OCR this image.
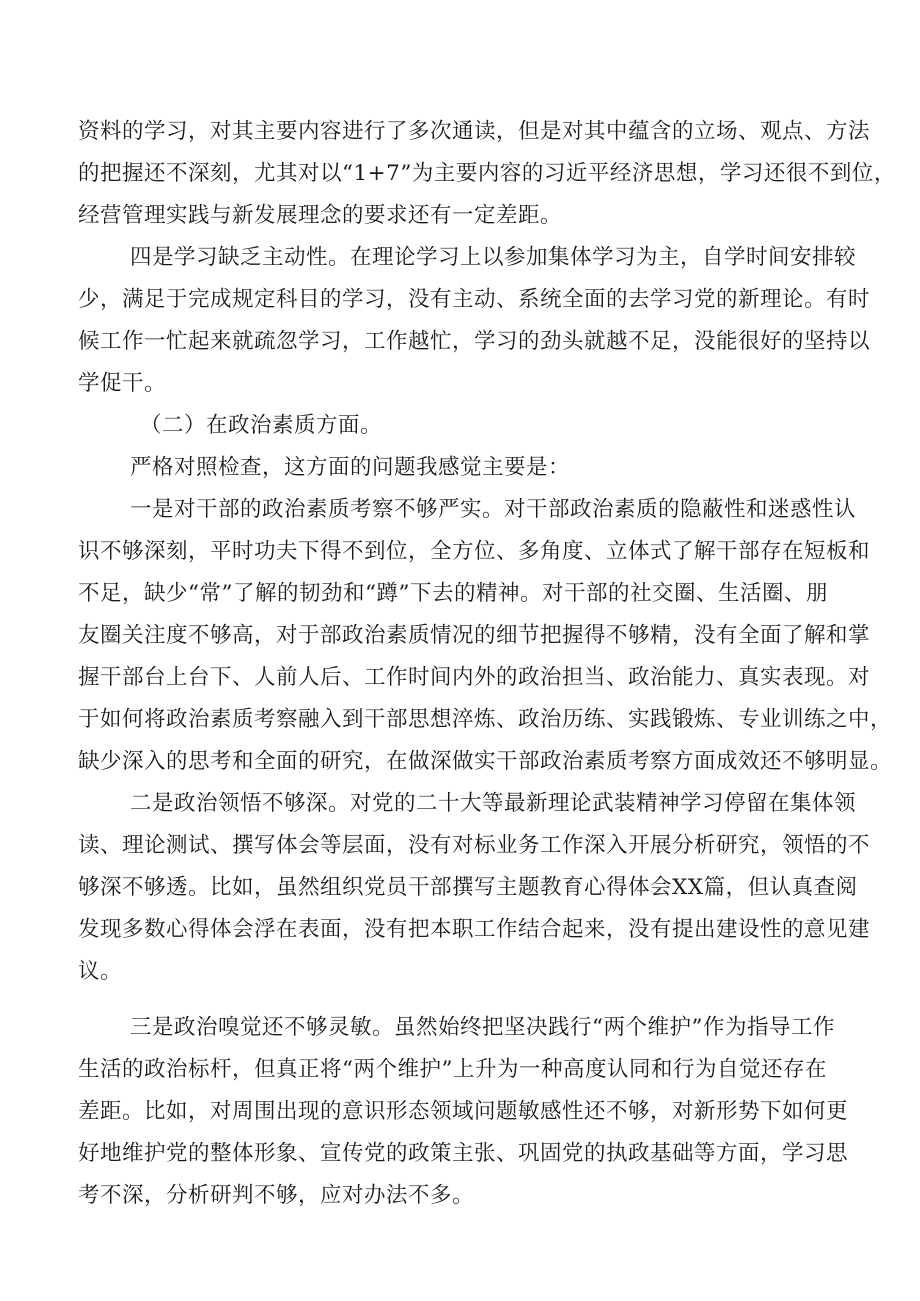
资料的学习，对其主要内容进行了多次通读，但是对其中蕴含的立场、观点、方法
的把握还不深刻，尤其对以“1+7”为主要内容的习近平经济思想，学习还很不到位，
经营管理实践与新发展理念的要求还有一定差距。
四是学习缺乏主动性。在理论学习上以参加集体学习为主，自学时间安排较
少，满足于完成规定科目的学习，没有主动、系统全面的去学习党的新理论。有时
候工作一忙起来就疏忽学习，工作越忙，学习的劲头就越不足，没能很好的坚持以
学促干。
（二）在政治素质方面。
严格对照检查，这方面的问题我感觉主要是：
一是对干部的政治素质考察不够严实。对干部政治素质的隐蔽性和迷惑性认
识不够深刻，平时功夫下得不到位，全方位、多角度、立体式了解干部存在短板和
不足，缺少“常”了解的韧劲和“蹲”下去的精神。对干部的社交圈、生活圈、朋
友圈关注度不够高，对于部政治素质情况的细节把握得不够精，没有全面了解和掌
握干部台上台下、人前人后、工作时间内外的政治担当、政治能力、真实表现。对
于如何将政治素质考察融入到干部思想淬炼、政治历练、实践锻炼、专业训练之中，
缺少深入的思考和全面的研究，在做深做实干部政治素质考察方面成效还不够明显。
二是政治领悟不够深。对党的二十大等最新理论武装精神学习停留在集体领
读、理论测试、撰写体会等层面，没有对标业务工作深入开展分析研究，领悟的不
够深不够透。比如，虽然组织党员干部撰写主题教育心得体会XX篇，但认真查阅
发现多数心得体会浮在表面，没有把本职工作结合起来，没有提出建设性的意见建
议。
三是政治嗅觉还不够灵敏。虽然始终把坚决践行“两个维护”作为指导工作
生活的政治标杆，但真正将“两个维护”上升为一种高度认同和行为自觉还存在
差距。比如，对周围出现的意识形态领域问题敏感性还不够，对新形势下如何更
好地维护党的整体形象、宣传党的政策主张、巩固党的执政基础等方面，学习思
考不深，分析研判不够，应对办法不多。
